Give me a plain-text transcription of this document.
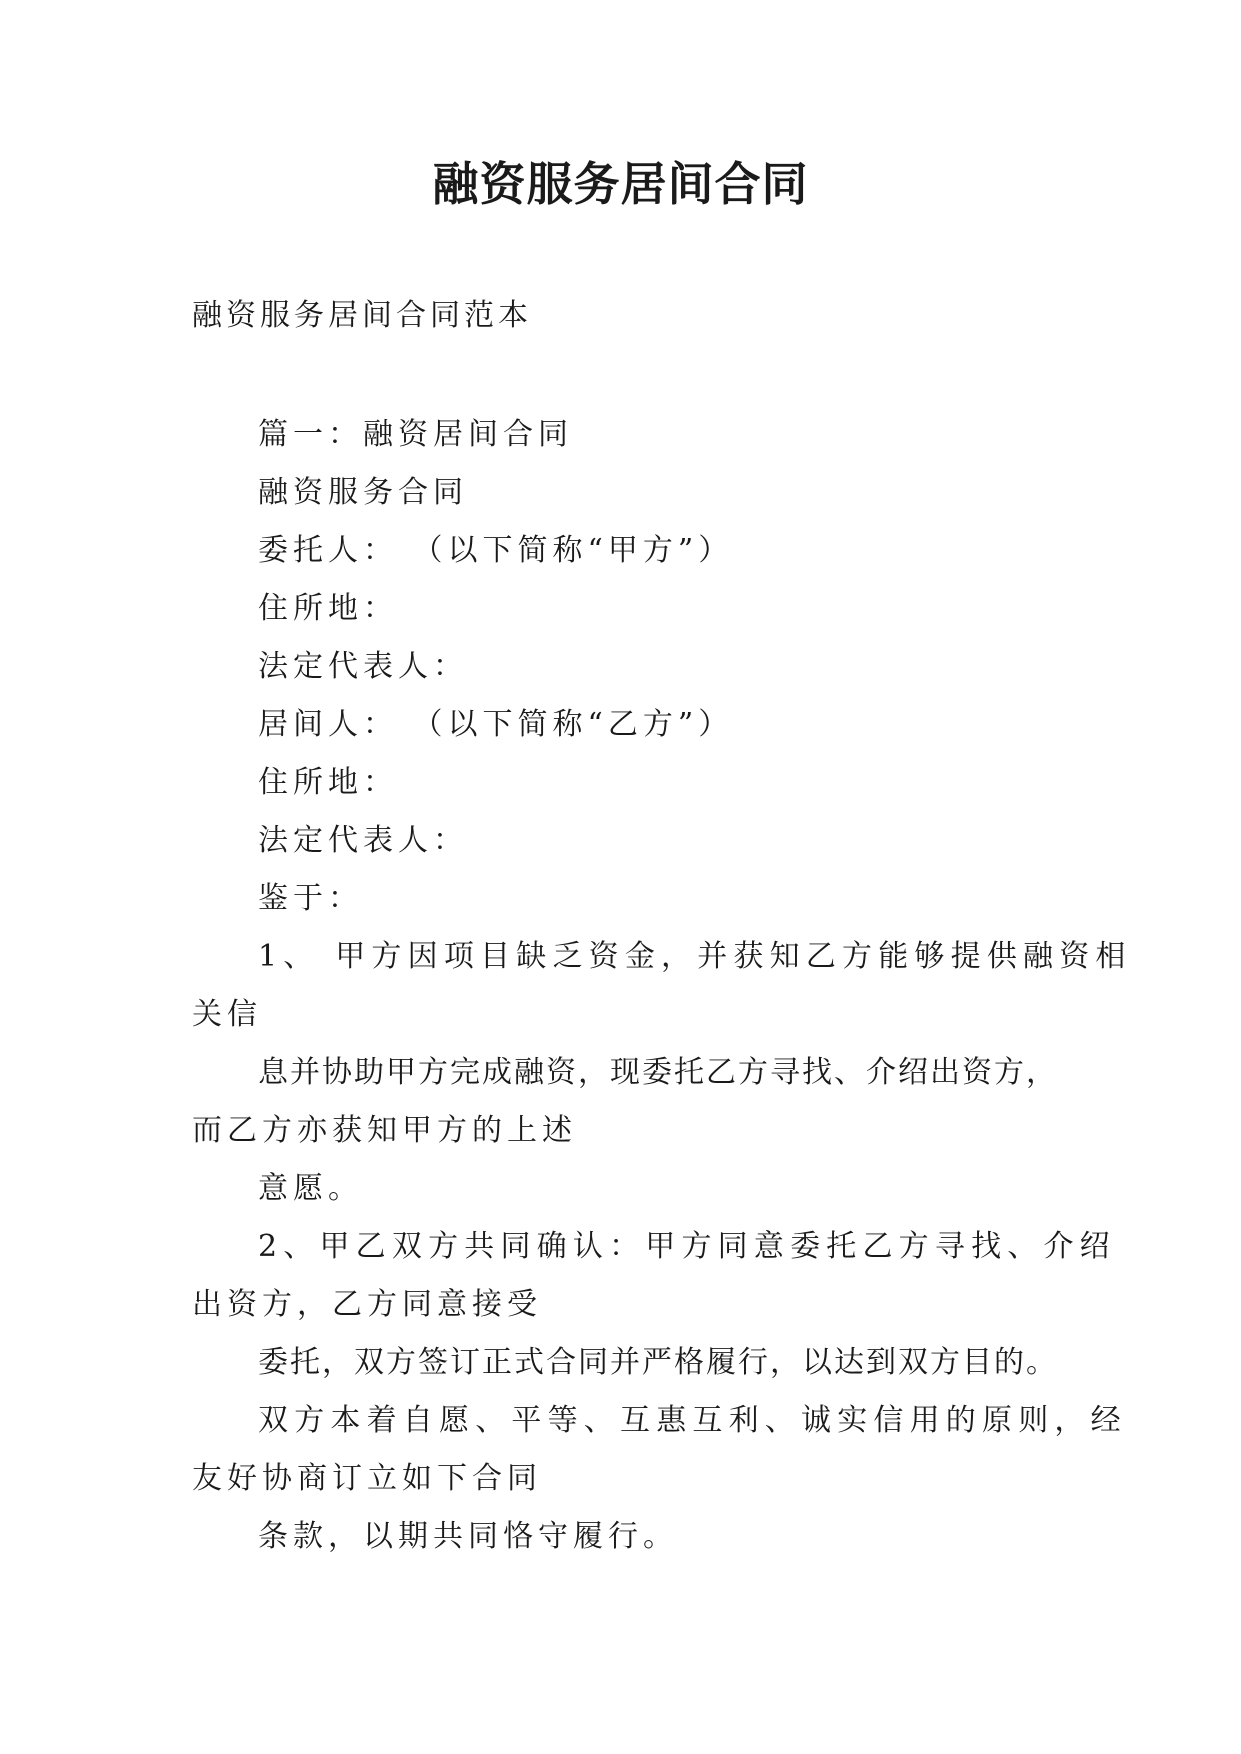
融资服务居间合同
融资服务居间合同范本

篇一：融资居间合同

融资服务合同

委托人： （以下简称“甲方”）

住所地：

法定代表人：

居间人： （以下简称“乙方”）

住所地：

法定代表人：

鉴于：

1、 甲方因项目缺乏资金，并获知乙方能够提供融资相

关信

息并协助甲方完成融资，现委托乙方寻找、介绍出资方，

而乙方亦获知甲方的上述

意愿。

2、甲乙双方共同确认：甲方同意委托乙方寻找、介绍

出资方，乙方同意接受

委托，双方签订正式合同并严格履行，以达到双方目的。

双方本着自愿、平等、互惠互利、诚实信用的原则，经

友好协商订立如下合同

条款，以期共同恪守履行。
